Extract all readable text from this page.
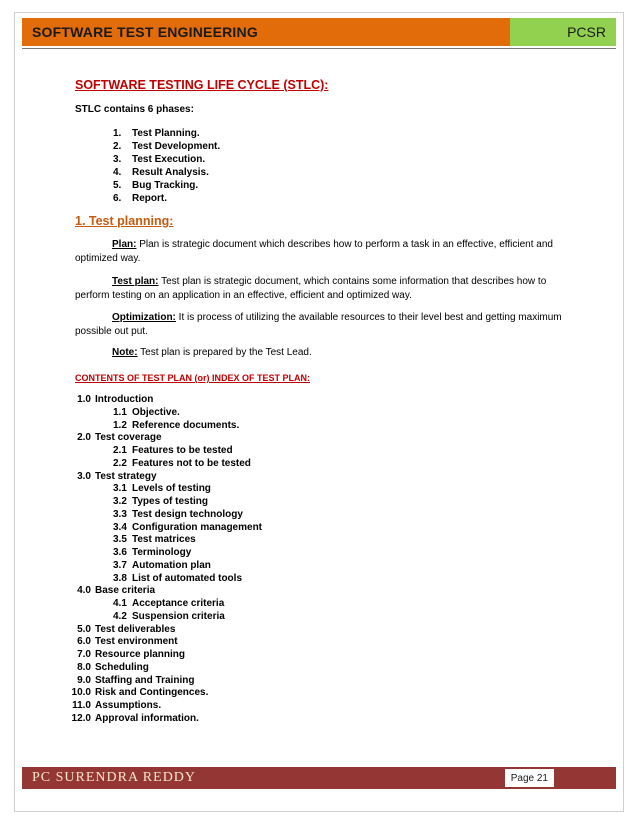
SOFTWARE TEST ENGINEERING	PCSR
SOFTWARE TESTING LIFE CYCLE (STLC):
STLC contains 6 phases:
1. Test Planning.
2. Test Development.
3. Test Execution.
4. Result Analysis.
5. Bug Tracking.
6. Report.
1. Test planning:
Plan: Plan is strategic document which describes how to perform a task in an effective, efficient and optimized way.
Test plan: Test plan is strategic document, which contains some information that describes how to perform testing on an application in an effective, efficient and optimized way.
Optimization: It is process of utilizing the available resources to their level best and getting maximum possible out put.
Note: Test plan is prepared by the Test Lead.
CONTENTS OF TEST PLAN (or) INDEX OF TEST PLAN:
1.0 Introduction
1.1 Objective.
1.2 Reference documents.
2.0 Test coverage
2.1 Features to be tested
2.2 Features not to be tested
3.0 Test strategy
3.1 Levels of testing
3.2 Types of testing
3.3 Test design technology
3.4 Configuration management
3.5 Test matrices
3.6 Terminology
3.7 Automation plan
3.8 List of automated tools
4.0 Base criteria
4.1 Acceptance criteria
4.2 Suspension criteria
5.0 Test deliverables
6.0 Test environment
7.0 Resource planning
8.0 Scheduling
9.0 Staffing and Training
10.0 Risk and Contingences.
11.0 Assumptions.
12.0 Approval information.
PC SURENDRA REDDY	Page 21
